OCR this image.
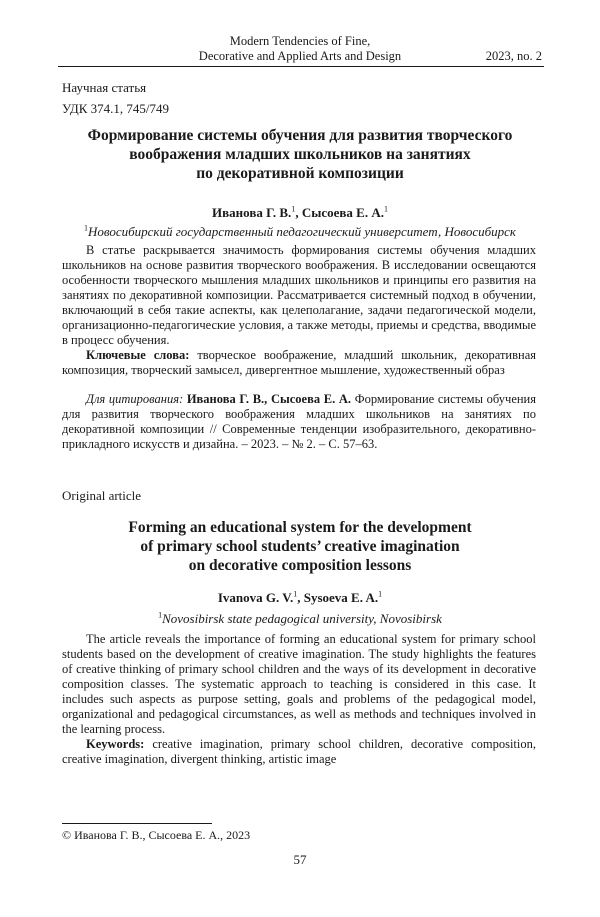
Modern Tendencies of Fine,
Decorative and Applied Arts and Design	2023, no. 2
Научная статья
УДК 374.1, 745/749
Формирование системы обучения для развития творческого
воображения младших школьников на занятиях
по декоративной композиции
Иванова Г. В.$^1$, Сысоева Е. А.$^1$
$^1$Новосибирский государственный педагогический университет, Новосибирск
В статье раскрывается значимость формирования системы обучения младших школьников на основе развития творческого воображения. В исследовании освещаются особенности творческого мышления младших школьников и принципы его развития на занятиях по декоративной композиции. Рассматривается системный подход в обучении, включающий в себя такие аспекты, как целеполагание, задачи педагогической модели, организационно-педагогические условия, а также методы, приемы и средства, вводимые в процесс обучения.
Ключевые слова: творческое воображение, младший школьник, декоративная композиция, творческий замысел, дивергентное мышление, художественный образ
Для цитирования: Иванова Г. В., Сысоева Е. А. Формирование системы обучения для развития творческого воображения младших школьников на занятиях по декоративной композиции // Современные тенденции изобразительного, декоративно-прикладного искусств и дизайна. – 2023. – № 2. – С. 57–63.
Original article
Forming an educational system for the development
of primary school students’ creative imagination
on decorative composition lessons
Ivanova G. V.$^1$, Sysoeva E. A.$^1$
$^1$Novosibirsk state pedagogical university, Novosibirsk
The article reveals the importance of forming an educational system for primary school students based on the development of creative imagination. The study highlights the features of creative thinking of primary school children and the ways of its development in decorative composition classes. The systematic approach to teaching is considered in this case. It includes such aspects as purpose setting, goals and problems of the pedagogical model, organizational and pedagogical circumstances, as well as methods and techniques involved in the learning process.
Keywords: creative imagination, primary school children, decorative composition, creative imagination, divergent thinking, artistic image
© Иванова Г. В., Сысоева Е. А., 2023
57
